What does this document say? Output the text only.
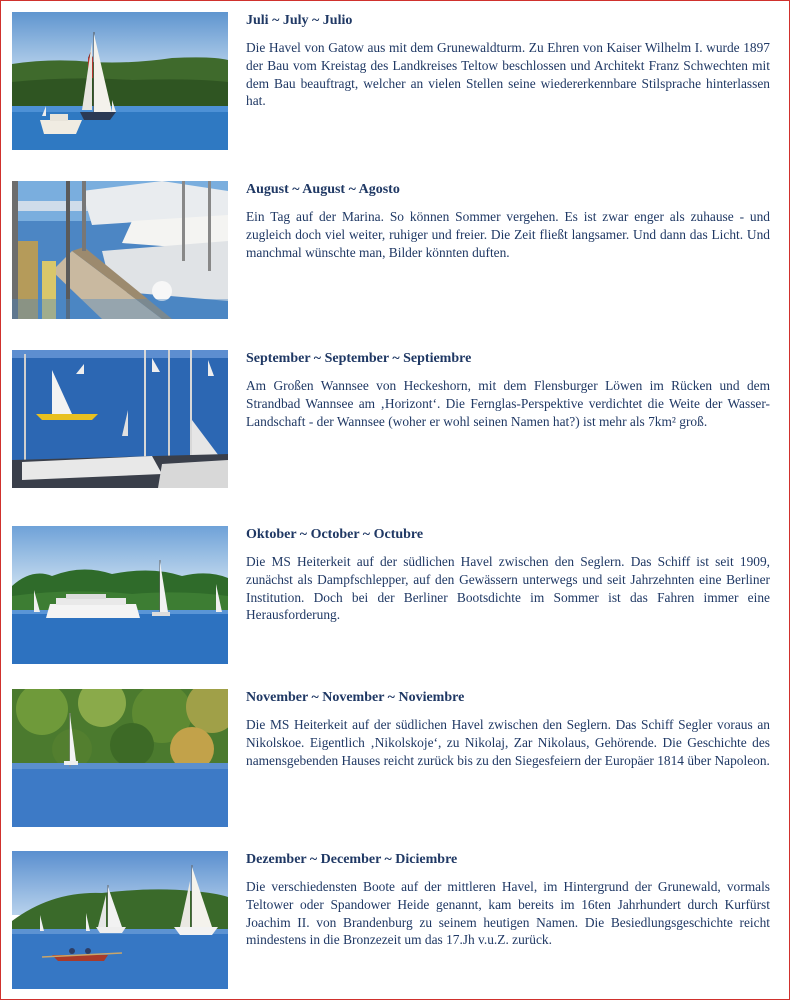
Juli ~ July ~ Julio

Die Havel von Gatow aus mit dem Grunewaldturm. Zu Ehren von Kaiser Wilhelm I. wurde 1897 der Bau vom Kreistag des Landkreises Teltow beschlossen und Architekt Franz Schwechten mit dem Bau beauftragt, welcher an vielen Stellen seine wiedererkennbare Stilsprache hinterlassen hat.

August ~ August ~ Agosto

Ein Tag auf der Marina. So können Sommer vergehen. Es ist zwar enger als zuhause - und zugleich doch viel weiter, ruhiger und freier. Die Zeit fließt langsamer. Und dann das Licht. Und manchmal wünschte man, Bilder könnten duften.

September ~ September ~ Septiembre

Am Großen Wannsee von Heckeshorn, mit dem Flensburger Löwen im Rücken und dem Strandbad Wannsee am ‚Horizont‘. Die Fernglas-Perspektive verdichtet die Weite der Wasser-Landschaft - der Wannsee (woher er wohl seinen Namen hat?) ist mehr als 7km² groß.

Oktober ~ October ~ Octubre

Die MS Heiterkeit auf der südlichen Havel zwischen den Seglern. Das Schiff ist seit 1909, zunächst als Dampfschlepper, auf den Gewässern unterwegs und seit Jahrzehnten eine Berliner Institution. Doch bei der Berliner Bootsdichte im Sommer ist das Fahren immer eine Herausforderung.

November ~ November ~ Noviembre

Die MS Heiterkeit auf der südlichen Havel zwischen den Seglern. Das Schiff Segler voraus an Nikolskoe. Eigentlich ‚Nikolskoje‘, zu Nikolaj, Zar Nikolaus, Gehörende. Die Geschichte des namensgebenden Hauses reicht zurück bis zu den Siegesfeiern der Europäer 1814 über Napoleon.

Dezember ~ December ~ Diciembre

Die verschiedensten Boote auf der mittleren Havel, im Hintergrund der Grunewald, vormals Teltower oder Spandower Heide genannt, kam bereits im 16ten Jahrhundert durch Kurfürst Joachim II. von Brandenburg zu seinem heutigen Namen. Die Besiedlungsgeschichte reicht mindestens in die Bronzezeit um das 17.Jh v.u.Z. zurück.
